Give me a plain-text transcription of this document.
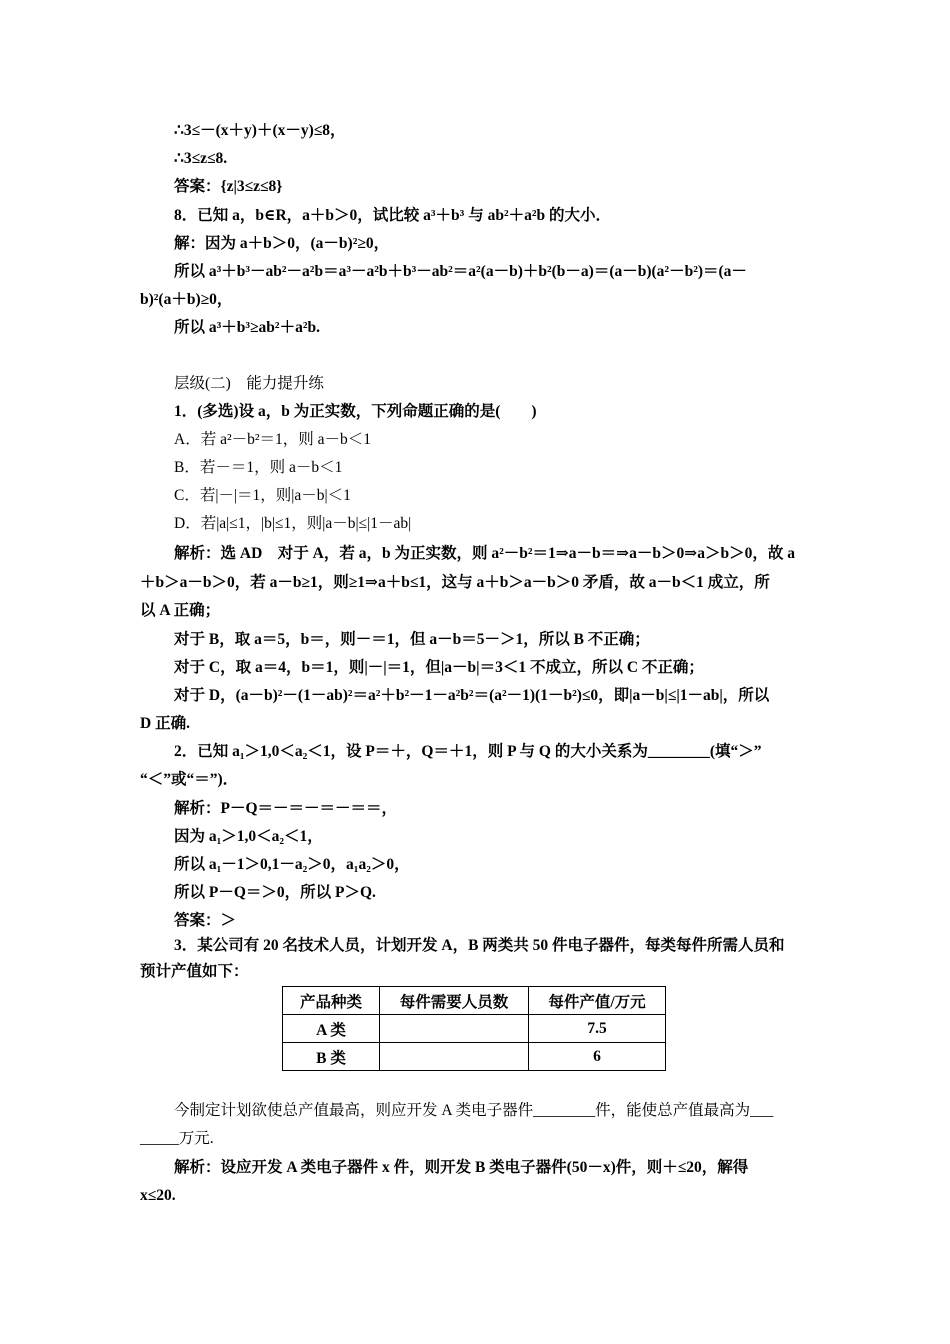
∴3≤－(x＋y)＋(x－y)≤8，
∴3≤z≤8.
答案：{z|3≤z≤8}
8．已知 a，b∈R，a＋b＞0，试比较 a³＋b³ 与 ab²＋a²b 的大小．
解：因为 a＋b＞0，(a－b)²≥0，
所以 a³＋b³－ab²－a²b＝a³－a²b＋b³－ab²＝a²(a－b)＋b²(b－a)＝(a－b)(a²－b²)＝(a－
b)²(a＋b)≥0，
所以 a³＋b³≥ab²＋a²b.
层级(二)　能力提升练
1．(多选)设 a，b 为正实数，下列命题正确的是(　　)
A．若 a²－b²＝1，则 a－b＜1
B．若－＝1，则 a－b＜1
C．若|－|＝1，则|a－b|＜1
D．若|a|≤1，|b|≤1，则|a－b|≤|1－ab|
解析：选 AD　对于 A，若 a，b 为正实数，则 a²－b²＝1⇒a－b＝⇒a－b＞0⇒a＞b＞0，故 a
＋b＞a－b＞0，若 a－b≥1，则≥1⇒a＋b≤1，这与 a＋b＞a－b＞0 矛盾，故 a－b＜1 成立，所
以 A 正确；
对于 B，取 a＝5，b＝，则－＝1，但 a－b＝5－＞1，所以 B 不正确；
对于 C，取 a＝4，b＝1，则|－|＝1，但|a－b|＝3＜1 不成立，所以 C 不正确；
对于 D，(a－b)²－(1－ab)²＝a²＋b²－1－a²b²＝(a²－1)(1－b²)≤0，即|a－b|≤|1－ab|，所以
D 正确.
2．已知 a₁＞1,0＜a₂＜1，设 P＝＋，Q＝＋1，则 P 与 Q 的大小关系为________(填“＞”
“＜”或“＝”)．
解析：P－Q＝－＝－＝－＝＝，
因为 a₁＞1,0＜a₂＜1，
所以 a₁－1＞0,1－a₂＞0，a₁a₂＞0，
所以 P－Q＝＞0，所以 P＞Q.
答案：＞
3．某公司有 20 名技术人员，计划开发 A，B 两类共 50 件电子器件，每类每件所需人员和
预计产值如下：
产品种类	每件需要人员数	每件产值/万元
A 类		7.5
B 类		6
今制定计划欲使总产值最高，则应开发 A 类电子器件________件，能使总产值最高为___
_____万元.
解析：设应开发 A 类电子器件 x 件，则开发 B 类电子器件(50－x)件，则＋≤20，解得
x≤20.
